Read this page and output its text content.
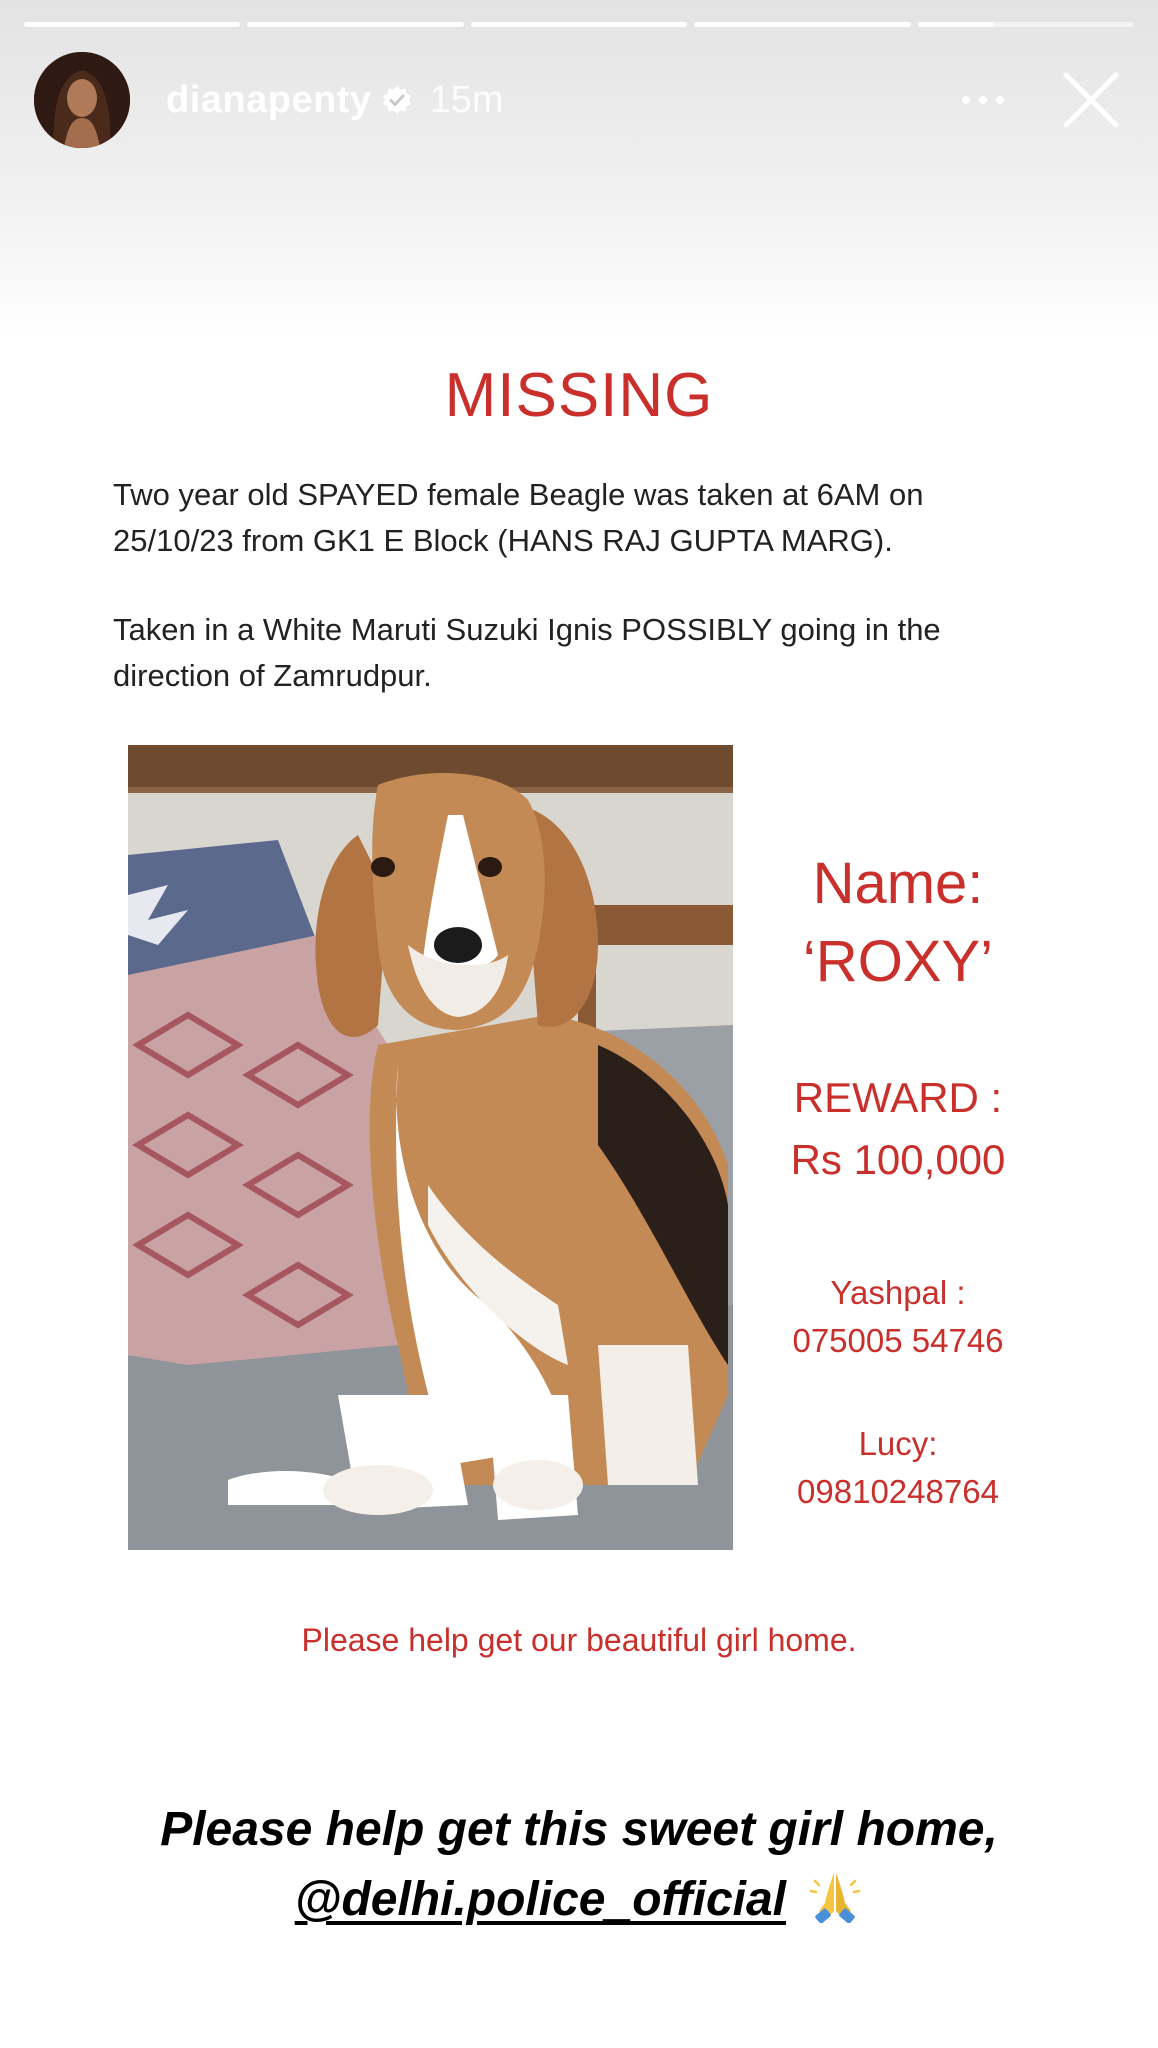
dianapenty 15m
MISSING
Two year old SPAYED female Beagle was taken at 6AM on
25/10/23 from GK1 E Block (HANS RAJ GUPTA MARG).
Taken in a White Maruti Suzuki Ignis POSSIBLY going in the
direction of Zamrudpur.
Name:
‘ROXY’
REWARD :
Rs 100,000
Yashpal :
075005 54746
Lucy:
09810248764
Please help get our beautiful girl home.
Please help get this sweet girl home,
@delhi.police_official
